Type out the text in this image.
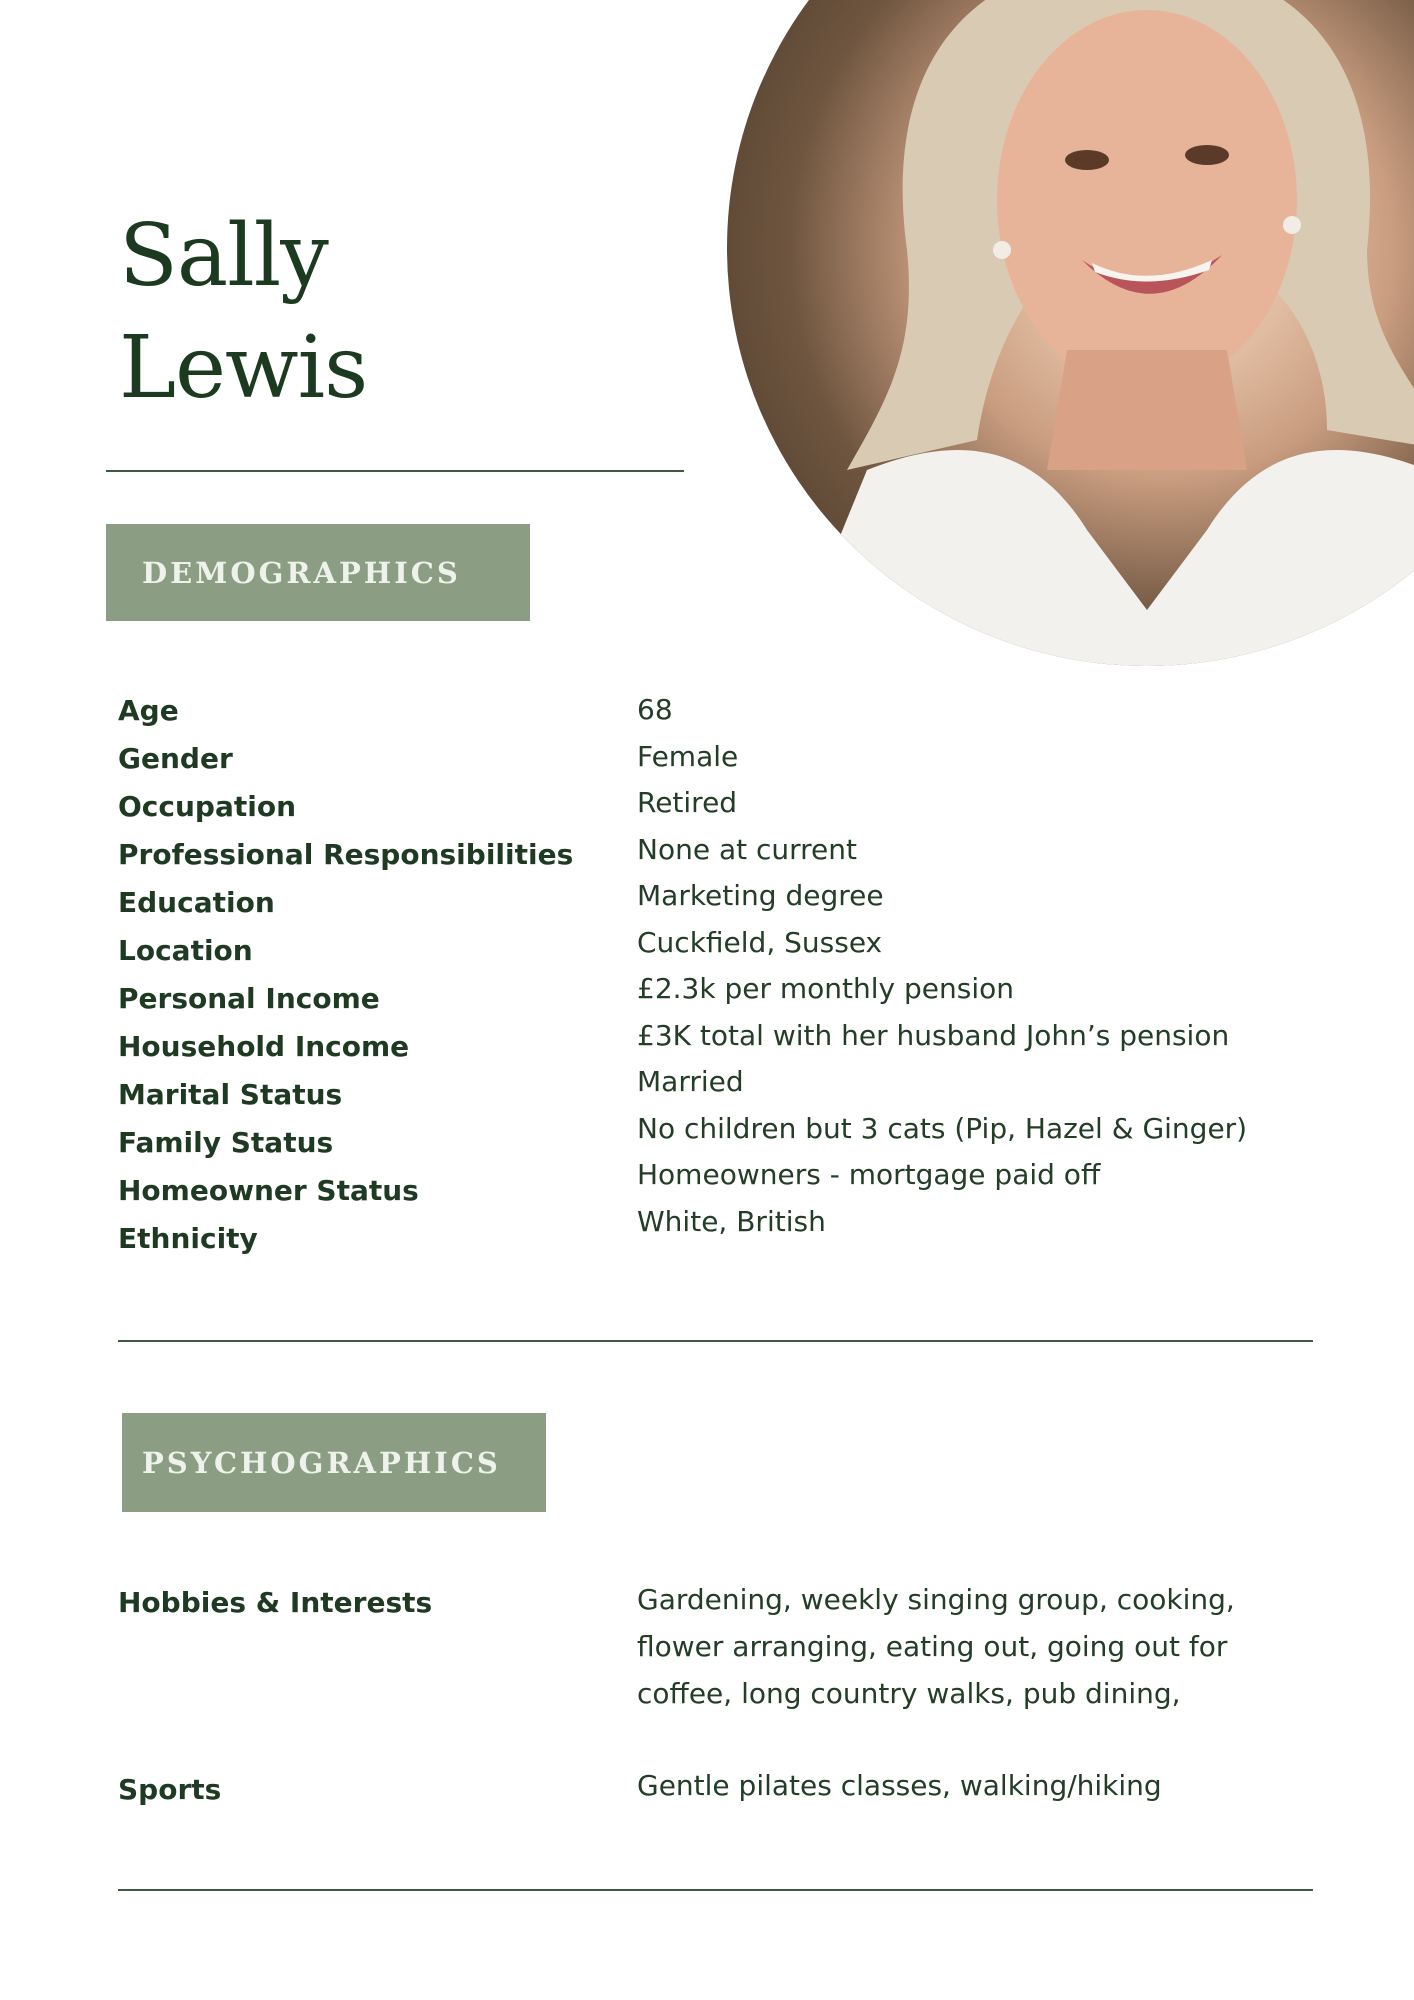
Sally
Lewis
DEMOGRAPHICS
Age
Gender
Occupation
Professional Responsibilities
Education
Location
Personal Income
Household Income
Marital Status
Family Status
Homeowner Status
Ethnicity
68
Female
Retired
None at current
Marketing degree
Cuckfield, Sussex
£2.3k per monthly pension
£3K total with her husband John’s pension
Married
No children but 3 cats (Pip, Hazel & Ginger)
Homeowners - mortgage paid off
White, British
PSYCHOGRAPHICS
Hobbies & Interests	Gardening, weekly singing group, cooking, flower arranging, eating out, going out for coffee, long country walks, pub dining,
Sports	Gentle pilates classes, walking/hiking
